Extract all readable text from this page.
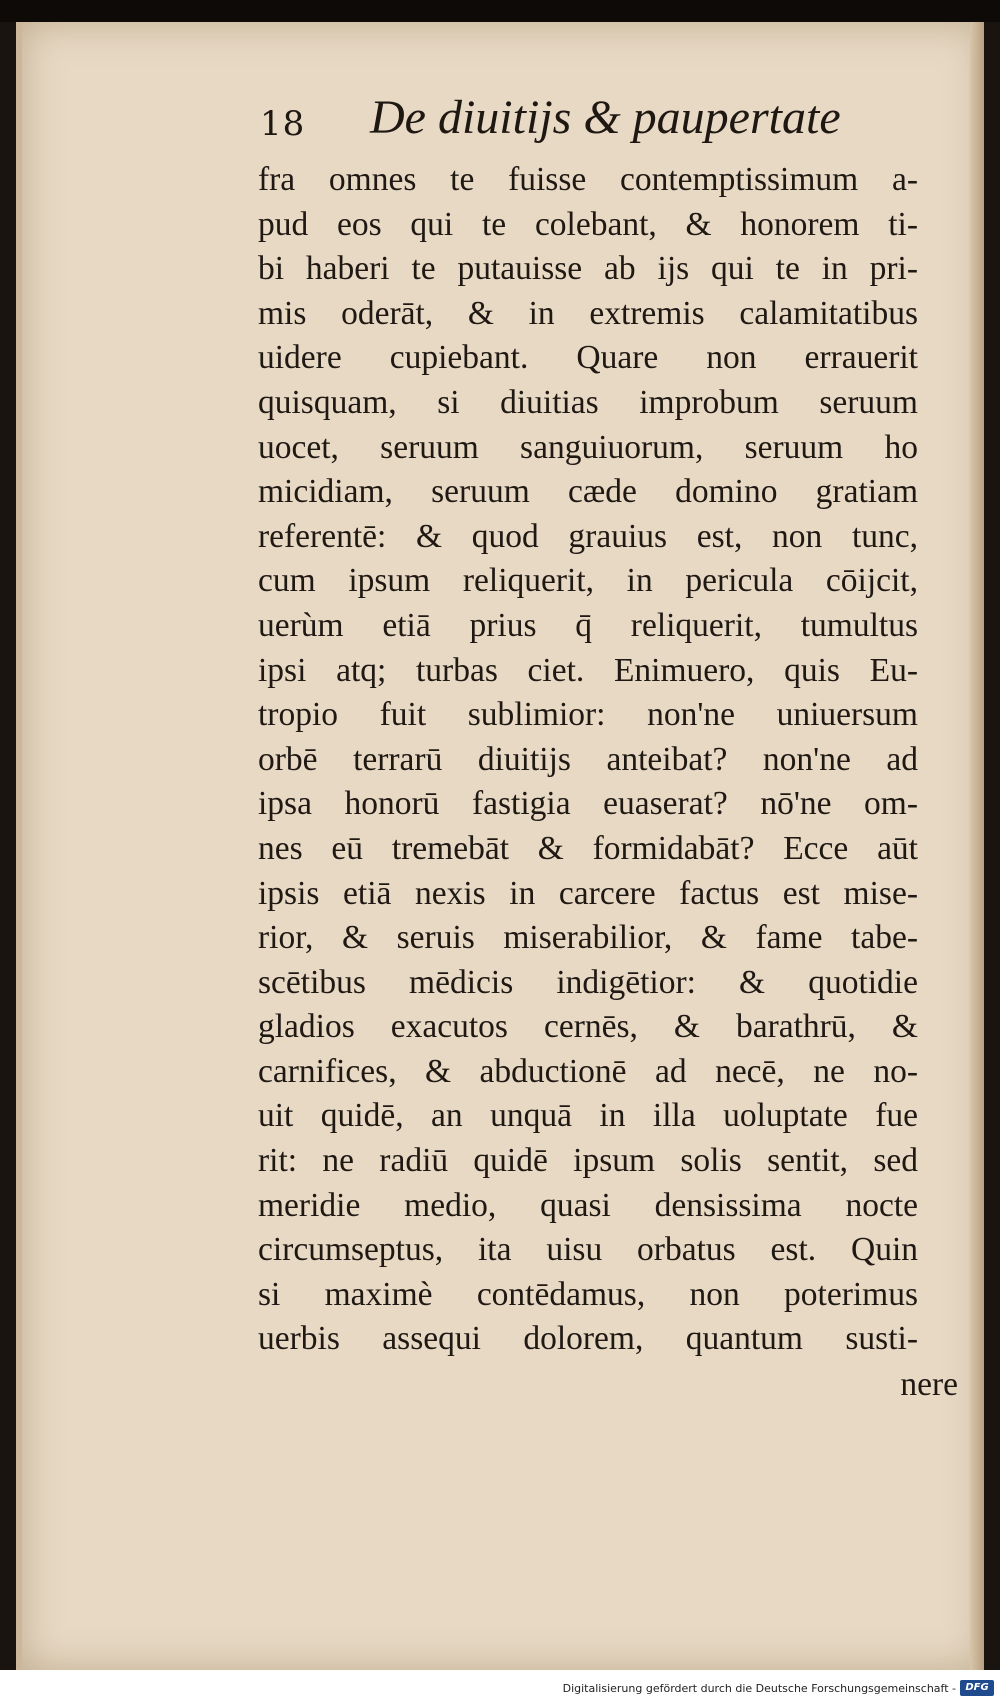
18 De diuitijs & paupertate
fra omnes te fuisse contemptissimum a-
pud eos qui te colebant, & honorem ti-
bi haberi te putauisse ab ijs qui te in pri-
mis oderāt, & in extremis calamitatibus
uidere cupiebant. Quare non errauerit
quisquam, si diuitias improbum seruum
uocet, seruum sanguiuorum, seruum ho
micidiam, seruum cæde domino gratiam
referentē: & quod grauius est, non tunc,
cum ipsum reliquerit, in pericula cōijcit,
uerùm etiā prius q̄ reliquerit, tumultus
ipsi atq; turbas ciet. Enimuero, quis Eu-
tropio fuit sublimior: non'ne uniuersum
orbē terrarū diuitijs anteibat? non'ne ad
ipsa honorū fastigia euaserat? nō'ne om-
nes eū tremebāt & formidabāt? Ecce aūt
ipsis etiā nexis in carcere factus est mise-
rior, & seruis miserabilior, & fame tabe-
scētibus mēdicis indigētior: & quotidie
gladios exacutos cernēs, & barathrū, &
carnifices, & abductionē ad necē, ne no-
uit quidē, an unquā in illa uoluptate fue
rit: ne radiū quidē ipsum solis sentit, sed
meridie medio, quasi densissima nocte
circumseptus, ita uisu orbatus est. Quin
si maximè contēdamus, non poterimus
uerbis assequi dolorem, quantum susti-
nere
Digitalisierung gefördert durch die Deutsche Forschungsgemeinschaft - DFG
